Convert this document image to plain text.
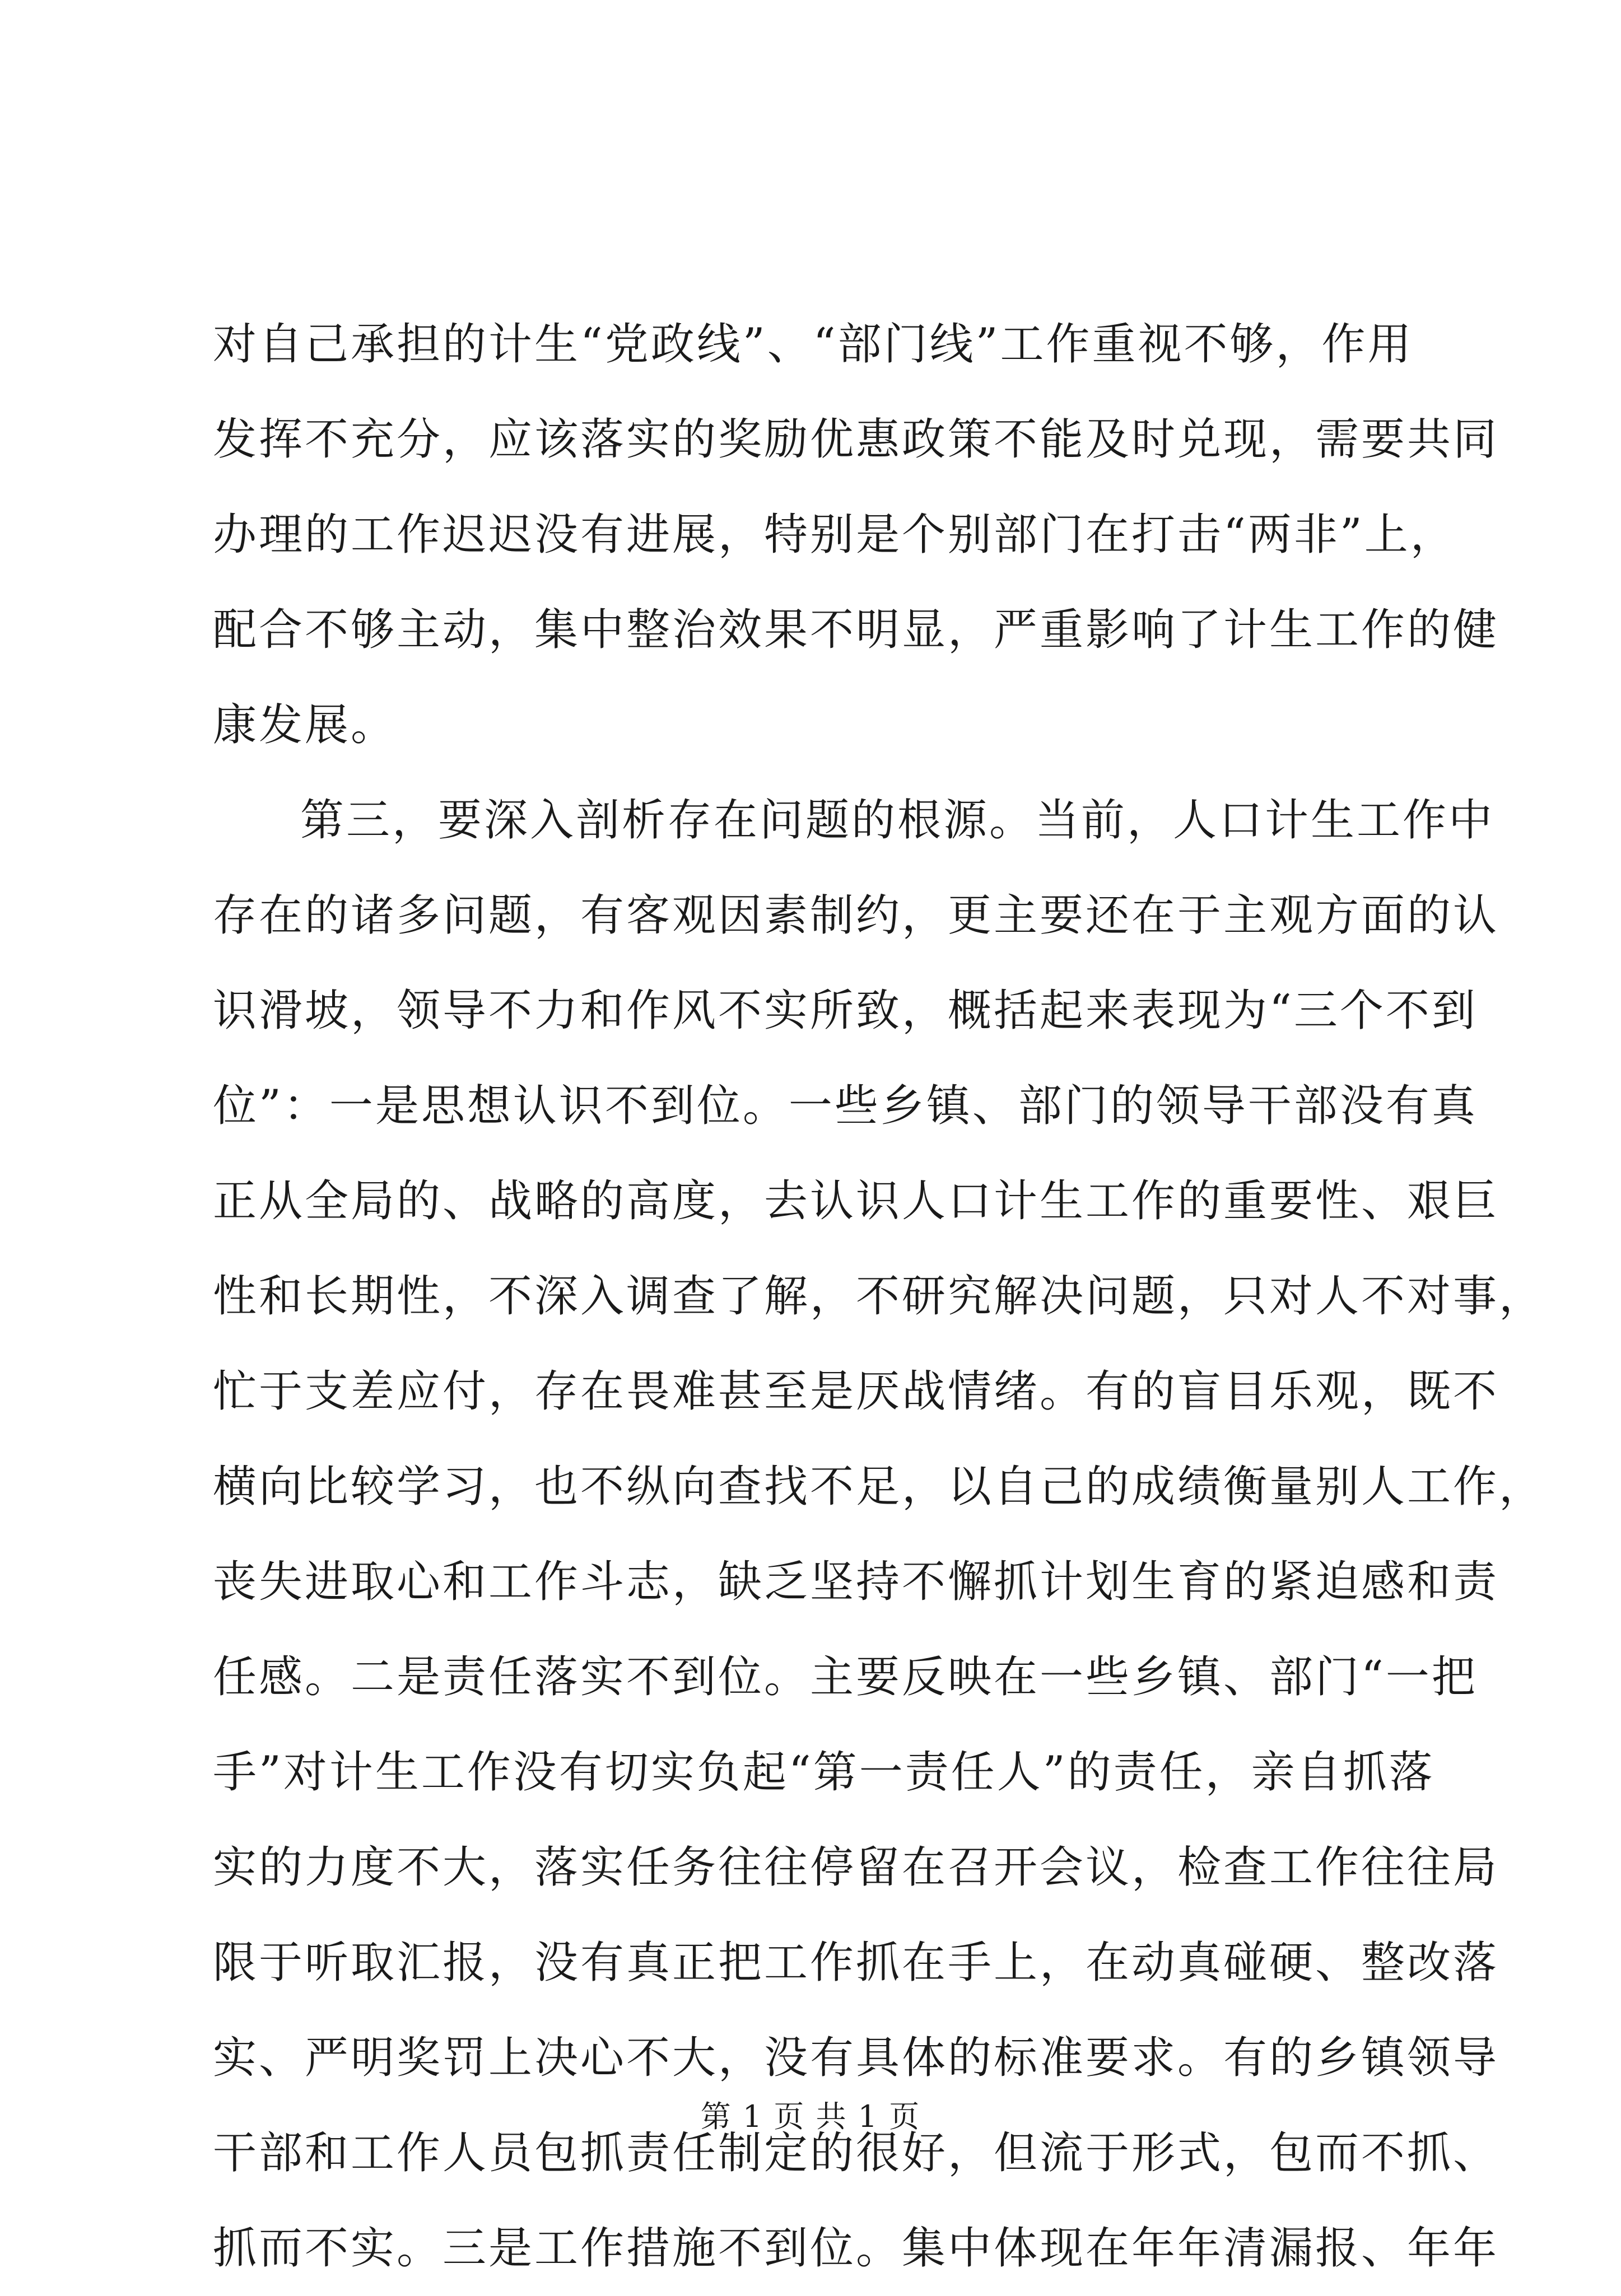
对自己承担的计生“党政线”、“部门线”工作重视不够，作用
发挥不充分，应该落实的奖励优惠政策不能及时兑现，需要共同
办理的工作迟迟没有进展，特别是个别部门在打击“两非”上，
配合不够主动，集中整治效果不明显，严重影响了计生工作的健
康发展。
第三，要深入剖析存在问题的根源。当前，人口计生工作中
存在的诸多问题，有客观因素制约，更主要还在于主观方面的认
识滑坡，领导不力和作风不实所致，概括起来表现为“三个不到
位”：一是思想认识不到位。一些乡镇、部门的领导干部没有真
正从全局的、战略的高度，去认识人口计生工作的重要性、艰巨
性和长期性，不深入调查了解，不研究解决问题，只对人不对事，
忙于支差应付，存在畏难甚至是厌战情绪。有的盲目乐观，既不
横向比较学习，也不纵向查找不足，以自己的成绩衡量别人工作，
丧失进取心和工作斗志，缺乏坚持不懈抓计划生育的紧迫感和责
任感。二是责任落实不到位。主要反映在一些乡镇、部门“一把
手”对计生工作没有切实负起“第一责任人”的责任，亲自抓落
实的力度不大，落实任务往往停留在召开会议，检查工作往往局
限于听取汇报，没有真正把工作抓在手上，在动真碰硬、整改落
实、严明奖罚上决心不大，没有具体的标准要求。有的乡镇领导
干部和工作人员包抓责任制定的很好，但流于形式，包而不抓、
抓而不实。三是工作措施不到位。集中体现在年年清漏报、年年
第 1 页 共 1 页
